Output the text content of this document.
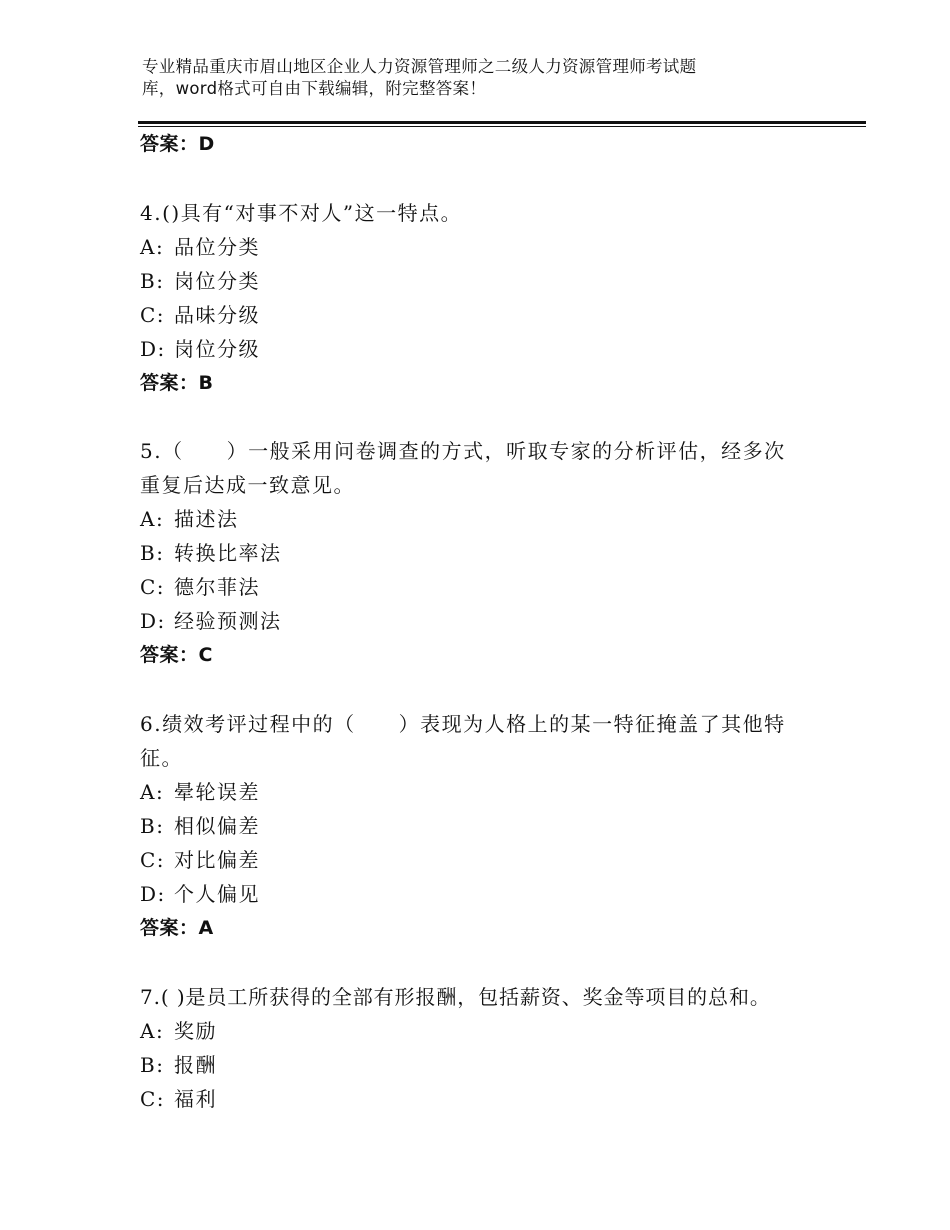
专业精品重庆市眉山地区企业人力资源管理师之二级人力资源管理师考试题
库，word格式可自由下载编辑，附完整答案！
答案：D
4.()具有“对事不对人”这一特点。
A: 品位分类
B: 岗位分类
C: 品味分级
D: 岗位分级
答案：B
5.（　　）一般采用问卷调查的方式，听取专家的分析评估，经多次
重复后达成一致意见。
A: 描述法
B: 转换比率法
C: 德尔菲法
D: 经验预测法
答案：C
6.绩效考评过程中的（　　）表现为人格上的某一特征掩盖了其他特
征。
A: 晕轮误差
B: 相似偏差
C: 对比偏差
D: 个人偏见
答案：A
7.( )是员工所获得的全部有形报酬，包括薪资、奖金等项目的总和。
A: 奖励
B: 报酬
C: 福利
